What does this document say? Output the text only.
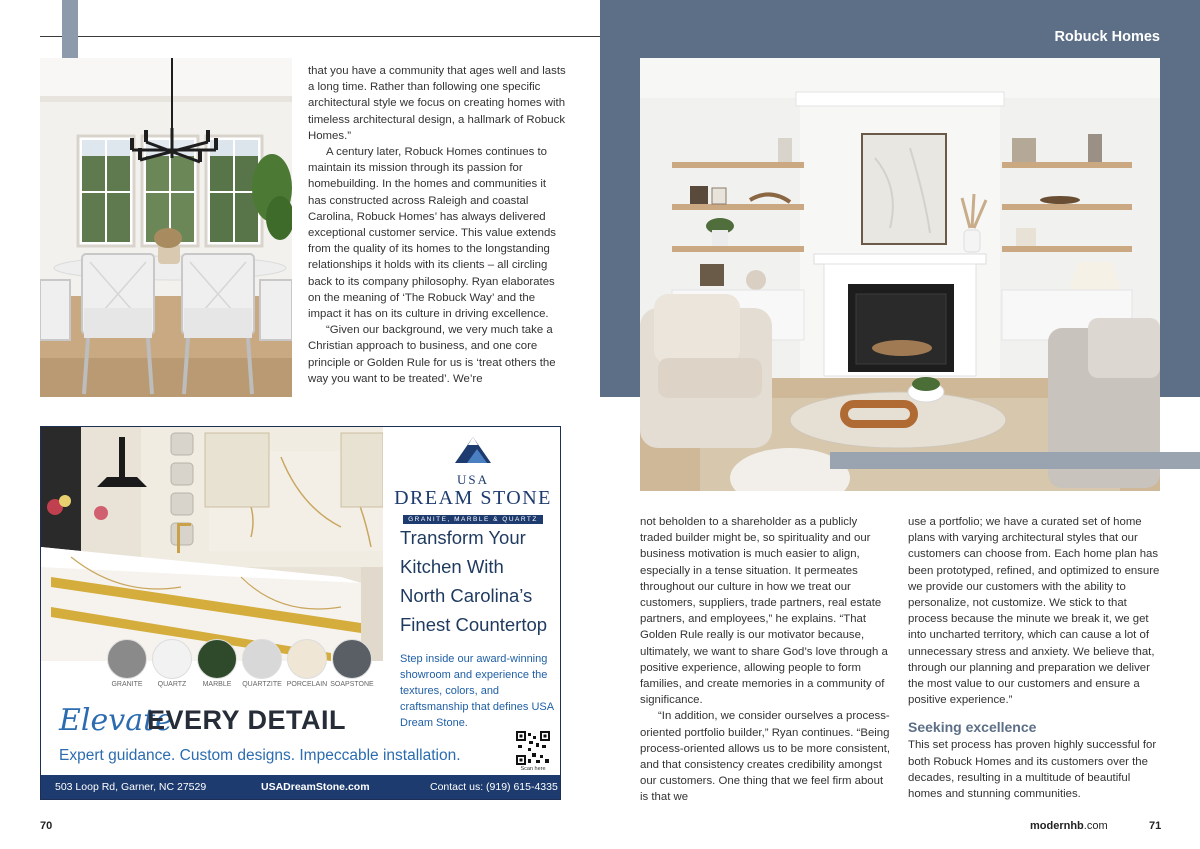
Robuck Homes

that you have a community that ages well and lasts a long time. Rather than following one specific architectural style we focus on creating homes with timeless architectural design, a hallmark of Robuck Homes.”

A century later, Robuck Homes continues to maintain its mission through its passion for homebuilding. In the homes and communities it has constructed across Raleigh and coastal Carolina, Robuck Homes’ has always delivered exceptional customer service. This value extends from the quality of its homes to the longstanding relationships it holds with its clients – all circling back to its company philosophy. Ryan elaborates on the meaning of ‘The Robuck Way’ and the impact it has on its culture in driving excellence.

“Given our background, we very much take a Christian approach to business, and one core principle or Golden Rule for us is ‘treat others the way you want to be treated’. We’re

GRANITE	QUARTZ	MARBLE	QUARTZITE PORCELAIN SOAPSTONE
USA
DREAM STONE
GRANITE, MARBLE & QUARTZ
Transform Your
Kitchen With
North Carolina’s
Finest Countertop
Step inside our award-winning showroom and experience the textures, colors, and craftsmanship that defines USA Dream Stone.
Elevate
EVERY DETAIL
Expert guidance. Custom designs. Impeccable installation.
Scan here
503 Loop Rd, Garner, NC 27529	USADreamStone.com	Contact us: (919) 615-4335

not beholden to a shareholder as a publicly traded builder might be, so spirituality and our business motivation is much easier to align, especially in a tense situation. It permeates throughout our culture in how we treat our customers, suppliers, trade partners, real estate partners, and employees,” he explains. “That Golden Rule really is our motivator because, ultimately, we want to share God’s love through a positive experience, allowing people to form families, and create memories in a community of significance.

“In addition, we consider ourselves a process-oriented portfolio builder,” Ryan continues. “Being process-oriented allows us to be more consistent, and that consistency creates credibility amongst our customers. One thing that we feel firm about is that we

use a portfolio; we have a curated set of home plans with varying architectural styles that our customers can choose from. Each home plan has been prototyped, refined, and optimized to ensure we provide our customers with the ability to personalize, not customize. We stick to that process because the minute we break it, we get into uncharted territory, which can cause a lot of unnecessary stress and anxiety. We believe that, through our planning and preparation we deliver the most value to our customers and ensure a positive experience.”

Seeking excellence

This set process has proven highly successful for both Robuck Homes and its customers over the decades, resulting in a multitude of beautiful homes and stunning communities.

70	modernhb.com	71
